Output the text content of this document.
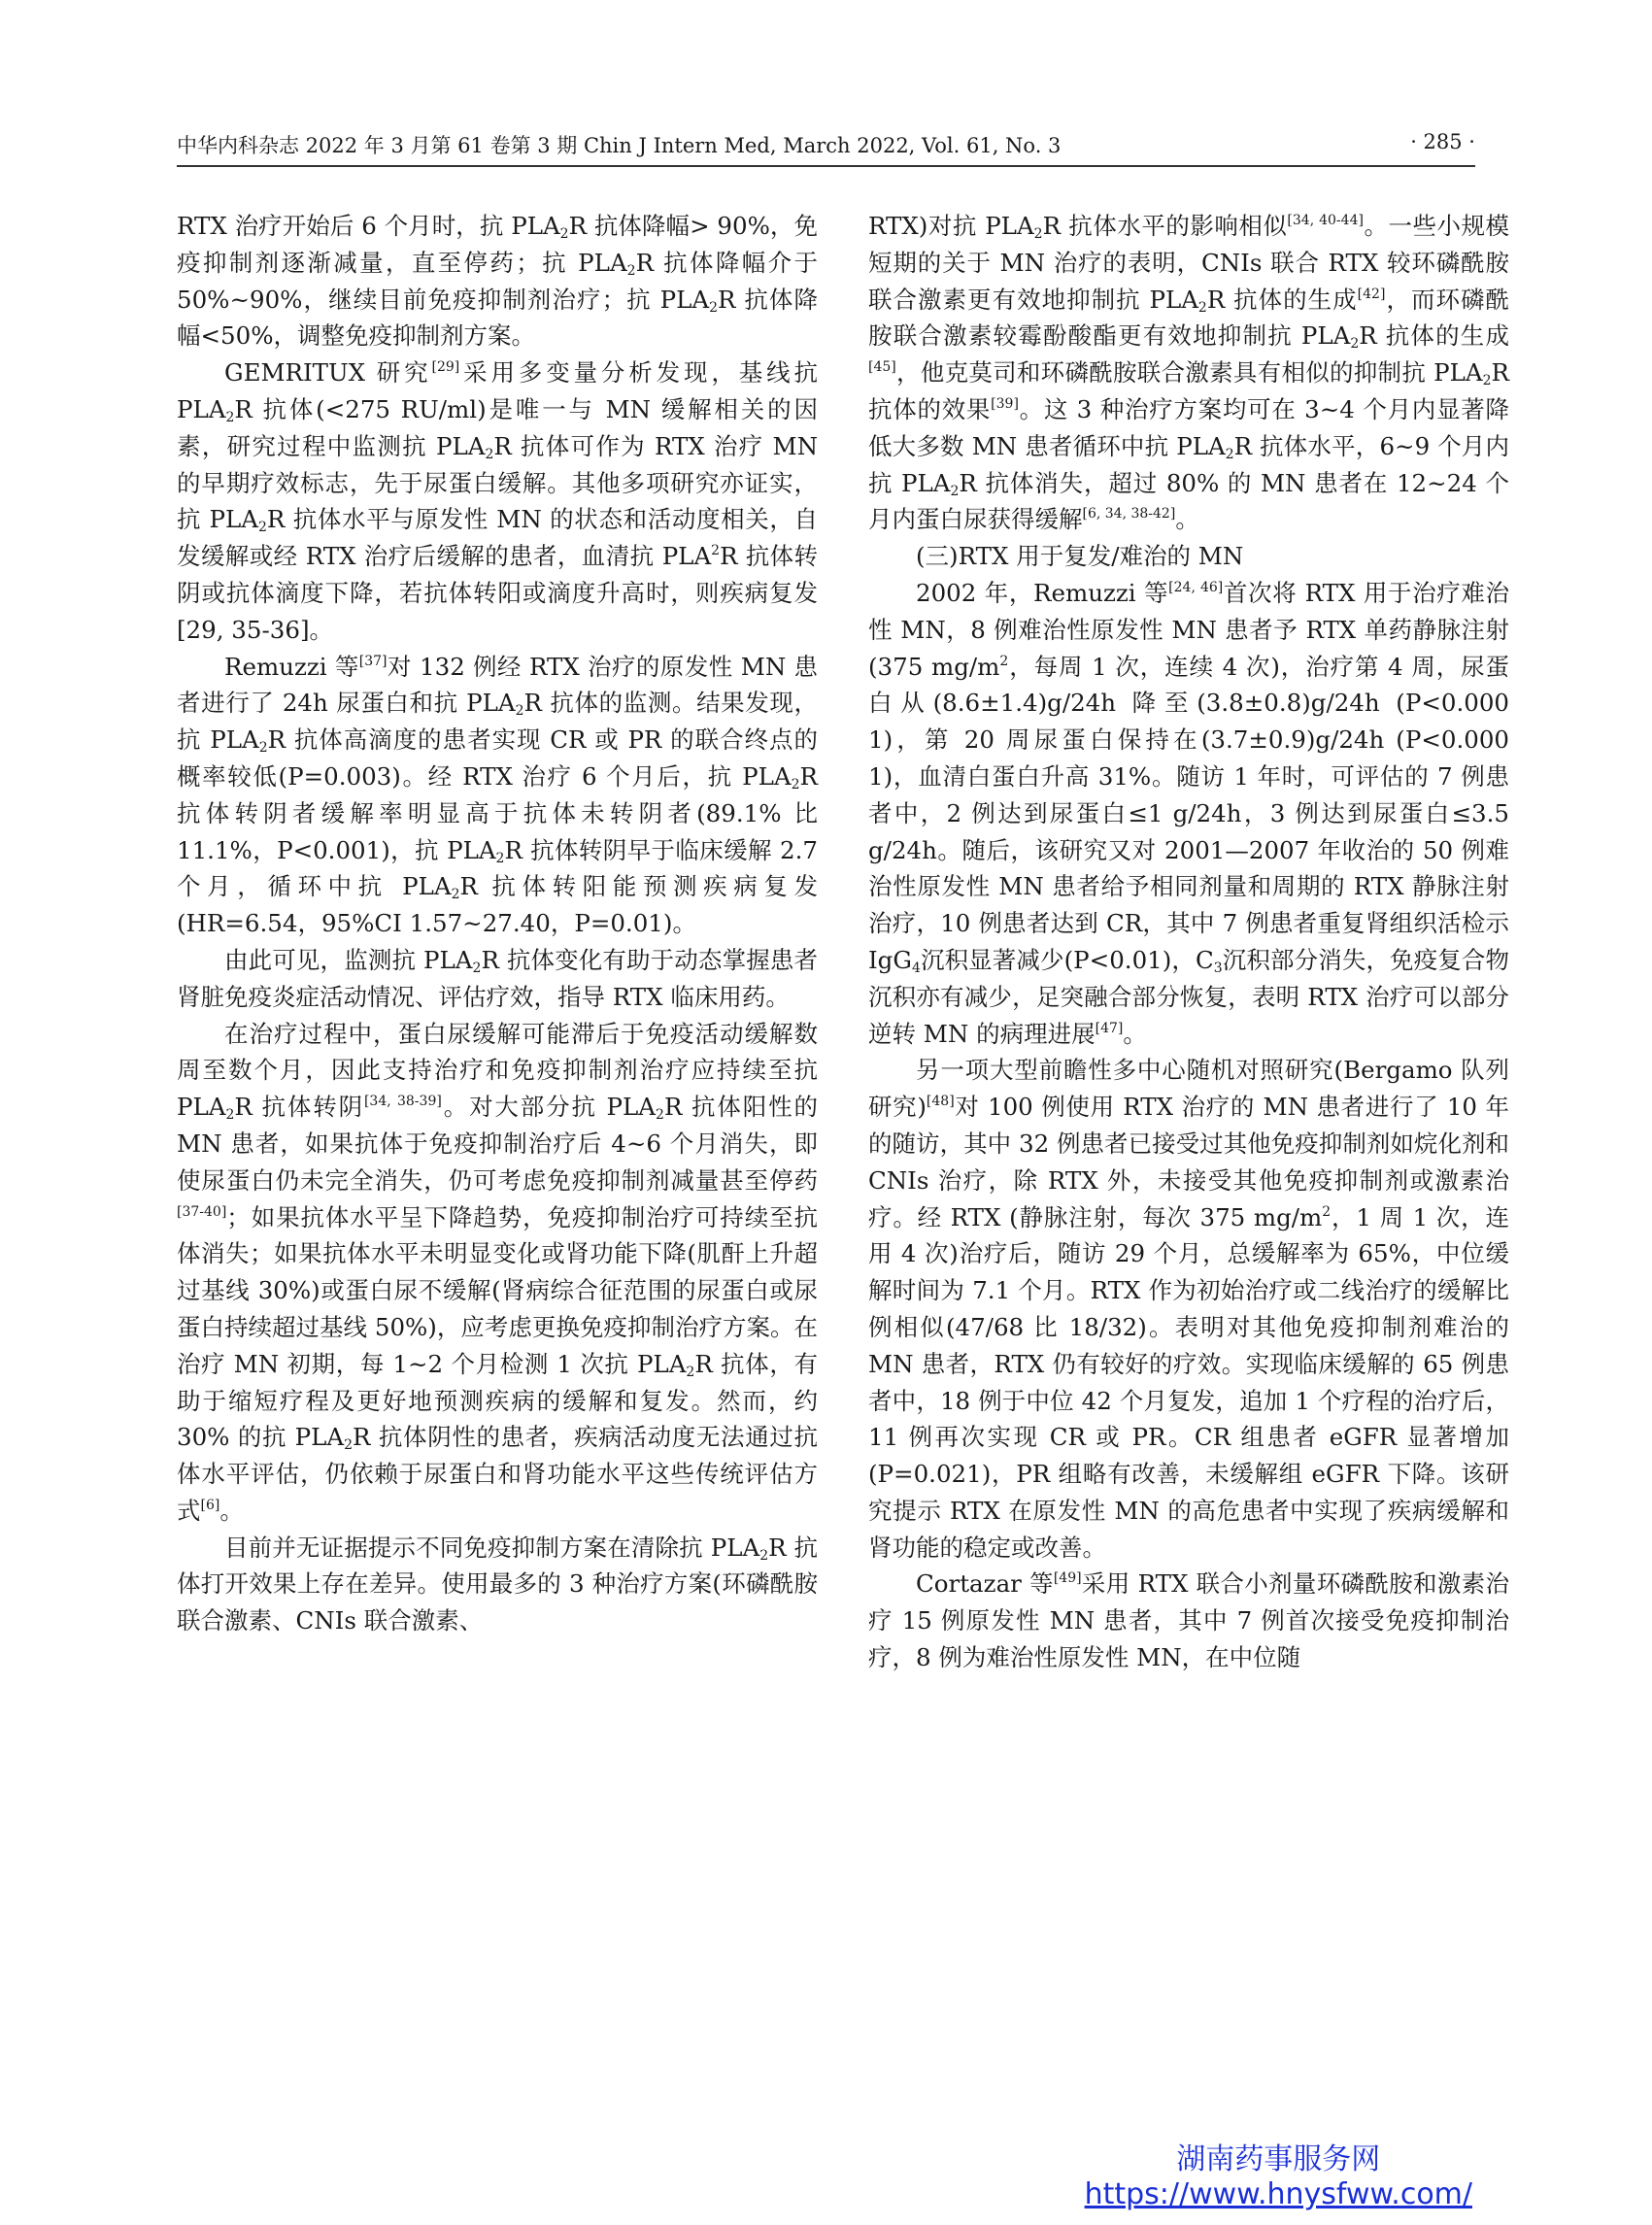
中华内科杂志 2022 年 3 月第 61 卷第 3 期 Chin J Intern Med, March 2022, Vol. 61, No. 3	· 285 ·

RTX 治疗开始后 6 个月时，抗 $PLA_2R$ 抗体降幅> 90%，免疫抑制剂逐渐减量，直至停药；抗 $PLA_2R$ 抗体降幅介于 50%~90%，继续目前免疫抑制剂治疗；抗 $PLA_2R$ 抗体降幅<50%，调整免疫抑制剂方案。

GEMRITUX 研究[29]采用多变量分析发现，基线抗 $PLA_2R$ 抗体(<275 RU/ml)是唯一与 MN 缓解相关的因素，研究过程中监测抗 $PLA_2R$ 抗体可作为 RTX 治疗 MN 的早期疗效标志，先于尿蛋白缓解。其他多项研究亦证实，抗 $PLA_2R$ 抗体水平与原发性 MN 的状态和活动度相关，自发缓解或经 RTX 治疗后缓解的患者，血清抗 PLA$^2$R 抗体转阴或抗体滴度下降，若抗体转阳或滴度升高时，则疾病复发[29, 35-36]。

Remuzzi 等[37]对 132 例经 RTX 治疗的原发性 MN 患者进行了 24h 尿蛋白和抗 $PLA_2R$ 抗体的监测。结果发现，抗 $PLA_2R$ 抗体高滴度的患者实现 CR 或 PR 的联合终点的概率较低(P=0.003)。经 RTX 治疗 6 个月后，抗 $PLA_2R$ 抗体转阴者缓解率明显高于抗体未转阴者(89.1% 比 11.1%，P<0.001)，抗 $PLA_2R$ 抗体转阴早于临床缓解 2.7 个月，循环中抗 $PLA_2R$ 抗体转阳能预测疾病复发(HR=6.54，95%CI 1.57~27.40，P=0.01)。

由此可见，监测抗 $PLA_2R$ 抗体变化有助于动态掌握患者肾脏免疫炎症活动情况、评估疗效，指导 RTX 临床用药。

在治疗过程中，蛋白尿缓解可能滞后于免疫活动缓解数周至数个月，因此支持治疗和免疫抑制剂治疗应持续至抗 $PLA_2R$ 抗体转阴[34, 38-39]。对大部分抗 $PLA_2R$ 抗体阳性的 MN 患者，如果抗体于免疫抑制治疗后 4~6 个月消失，即使尿蛋白仍未完全消失，仍可考虑免疫抑制剂减量甚至停药[37-40]；如果抗体水平呈下降趋势，免疫抑制治疗可持续至抗体消失；如果抗体水平未明显变化或肾功能下降(肌酐上升超过基线 30%)或蛋白尿不缓解(肾病综合征范围的尿蛋白或尿蛋白持续超过基线 50%)，应考虑更换免疫抑制治疗方案。在治疗 MN 初期，每 1~2 个月检测 1 次抗 $PLA_2R$ 抗体，有助于缩短疗程及更好地预测疾病的缓解和复发。然而，约 30% 的抗 $PLA_2R$ 抗体阴性的患者，疾病活动度无法通过抗体水平评估，仍依赖于尿蛋白和肾功能水平这些传统评估方式[6]。

目前并无证据提示不同免疫抑制方案在清除抗 $PLA_2R$ 抗体打开效果上存在差异。使用最多的 3 种治疗方案(环磷酰胺联合激素、CNIs 联合激素、

RTX)对抗 $PLA_2R$ 抗体水平的影响相似[34, 40-44]。一些小规模短期的关于 MN 治疗的表明，CNIs 联合 RTX 较环磷酰胺联合激素更有效地抑制抗 $PLA_2R$ 抗体的生成[42]，而环磷酰胺联合激素较霉酚酸酯更有效地抑制抗 $PLA_2R$ 抗体的生成[45]，他克莫司和环磷酰胺联合激素具有相似的抑制抗 $PLA_2R$ 抗体的效果[39]。这 3 种治疗方案均可在 3~4 个月内显著降低大多数 MN 患者循环中抗 $PLA_2R$ 抗体水平，6~9 个月内抗 $PLA_2R$ 抗体消失，超过 80% 的 MN 患者在 12~24 个月内蛋白尿获得缓解[6, 34, 38-42]。

(三)RTX 用于复发/难治的 MN

2002 年，Remuzzi 等[24, 46]首次将 RTX 用于治疗难治性 MN，8 例难治性原发性 MN 患者予 RTX 单药静脉注射(375 $mg/m^2$，每周 1 次，连续 4 次)，治疗第 4 周，尿蛋白从(8.6±1.4)g/24h 降至(3.8±0.8)g/24h (P<0.000 1)，第 20 周尿蛋白保持在(3.7±0.9)g/24h (P<0.000 1)，血清白蛋白升高 31%。随访 1 年时，可评估的 7 例患者中，2 例达到尿蛋白≤1 g/24h，3 例达到尿蛋白≤3.5 g/24h。随后，该研究又对 2001—2007 年收治的 50 例难治性原发性 MN 患者给予相同剂量和周期的 RTX 静脉注射治疗，10 例患者达到 CR，其中 7 例患者重复肾组织活检示 IgG$_4$沉积显著减少(P<0.01)，$C_3$沉积部分消失，免疫复合物沉积亦有减少，足突融合部分恢复，表明 RTX 治疗可以部分逆转 MN 的病理进展[47]。

另一项大型前瞻性多中心随机对照研究(Bergamo 队列研究)[48]对 100 例使用 RTX 治疗的 MN 患者进行了 10 年的随访，其中 32 例患者已接受过其他免疫抑制剂如烷化剂和 CNIs 治疗，除 RTX 外，未接受其他免疫抑制剂或激素治疗。经 RTX (静脉注射，每次 375 $mg/m^2$，1 周 1 次，连用 4 次)治疗后，随访 29 个月，总缓解率为 65%，中位缓解时间为 7.1 个月。RTX 作为初始治疗或二线治疗的缓解比例相似(47/68 比 18/32)。表明对其他免疫抑制剂难治的 MN 患者，RTX 仍有较好的疗效。实现临床缓解的 65 例患者中，18 例于中位 42 个月复发，追加 1 个疗程的治疗后，11 例再次实现 CR 或 PR。CR 组患者 eGFR 显著增加(P=0.021)，PR 组略有改善，未缓解组 eGFR 下降。该研究提示 RTX 在原发性 MN 的高危患者中实现了疾病缓解和肾功能的稳定或改善。

Cortazar 等[49]采用 RTX 联合小剂量环磷酰胺和激素治疗 15 例原发性 MN 患者，其中 7 例首次接受免疫抑制治疗，8 例为难治性原发性 MN，在中位随

湖南药事服务网
https://www.hnysfww.com/
